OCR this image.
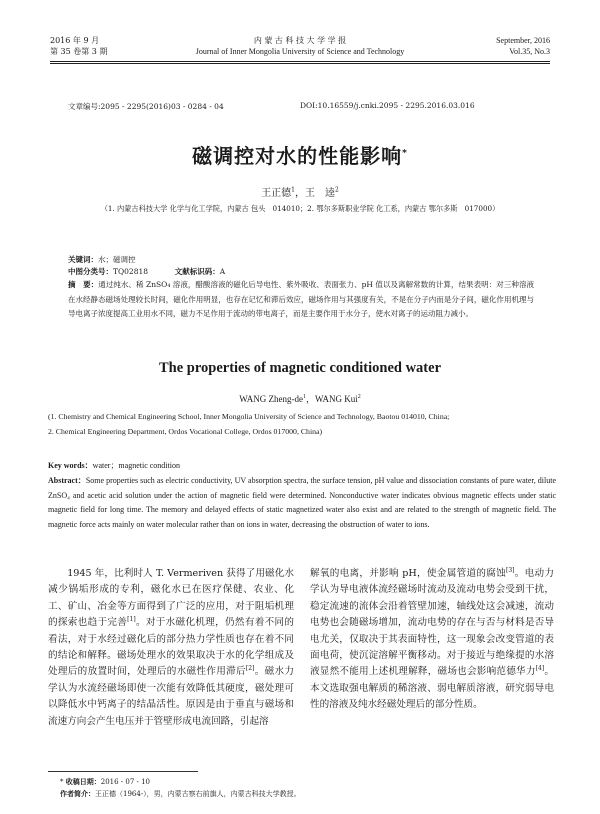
2016 年 9 月
第 35 卷第 3 期
内 蒙 古 科 技 大 学 学 报
Journal of Inner Mongolia University of Science and Technology
September, 2016
Vol.35, No.3
文章编号:2095 - 2295(2016)03 - 0284 - 04	DOI:10.16559/j.cnki.2095 - 2295.2016.03.016
磁调控对水的性能影响*
王正德$^1$，王　逵$^2$
（1. 内蒙古科技大学 化学与化工学院，内蒙古 包头　014010；2. 鄂尔多斯职业学院 化工系，内蒙古 鄂尔多斯　017000）
关键词：水；磁调控
中图分类号：TQ02818	文献标识码：A
摘　要：通过纯水、稀 ZnSO₄ 溶液，醋酸溶液的磁化后导电性、紫外吸收、表面张力、pH 值以及离解常数的计算，结果表明：对三种溶液在水经静态磁场处理较长时间，磁化作用明显，也存在记忆和滞后效应，磁场作用与其强度有关，不是在分子内而是分子间，磁化作用机理与导电离子浓度提高工业用水不同，磁力不足作用于流动的带电离子，而是主要作用于水分子，使水对离子的运动阻力减小。
The properties of magnetic conditioned water
WANG Zheng-$de^1$，WANG Kui$^2$
(1. Chemistry and Chemical Engineering School, Inner Mongolia University of Science and Technology, Baotou 014010, China;
2. Chemical Engineering Department, Ordos Vocational College, Ordos 017000, China)
Key words：water；magnetic condition
Abstract：Some properties such as electric conductivity, UV absorption spectra, the surface tension, pH value and dissociation constants of pure water, dilute ZnSO₄ and acetic acid solution under the action of magnetic field were determined. Nonconductive water indicates obvious magnetic effects under static magnetic field for long time. The memory and delayed effects of static magnetized water also exist and are related to the strength of magnetic field. The magnetic force acts mainly on water molecular rather than on ions in water, decreasing the obstruction of water to ions.
1945 年，比利时人 T. Vermeriven 获得了用磁化水减少锅垢形成的专利，磁化水已在医疗保健、农业、化工、矿山、冶金等方面得到了广泛的应用，对于阻垢机理的探索也趋于完善[1]。对于水磁化机理，仍然有着不同的看法，对于水经过磁化后的部分热力学性质也存在着不同的结论和解释。磁场处理水的效果取决于水的化学组成及处理后的放置时间，处理后的水磁性作用滞后[2]。磁水力学认为水流经磁场即使一次能有效降低其硬度，磁处理可以降低水中钙离子的结晶活性。原因是由于垂直与磁场和流速方向会产生电压并于管壁形成电流回路，引起溶
解氧的电离，并影响 pH，使金属管道的腐蚀[3]。电动力学认为导电液体流经磁场时流动及流动电势会受到干扰，稳定流速的流体会沿着管壁加速，轴线处这会减速，流动电势也会随磁场增加，流动电势的存在与否与材料是否导电尤关，仅取决于其表面特性，这一现象会改变管道的表面电荷，使沉淀溶解平衡移动。对于接近与绝缘提的水溶液显然不能用上述机理解释，磁场也会影响范德华力[4]。本文选取强电解质的稀溶液、弱电解质溶液，研究弱导电性的溶液及纯水经磁处理后的部分性质。
* 收稿日期：2016 - 07 - 10
作者简介：王正德（1964-），男，内蒙古察右前旗人，内蒙古科技大学教授。
